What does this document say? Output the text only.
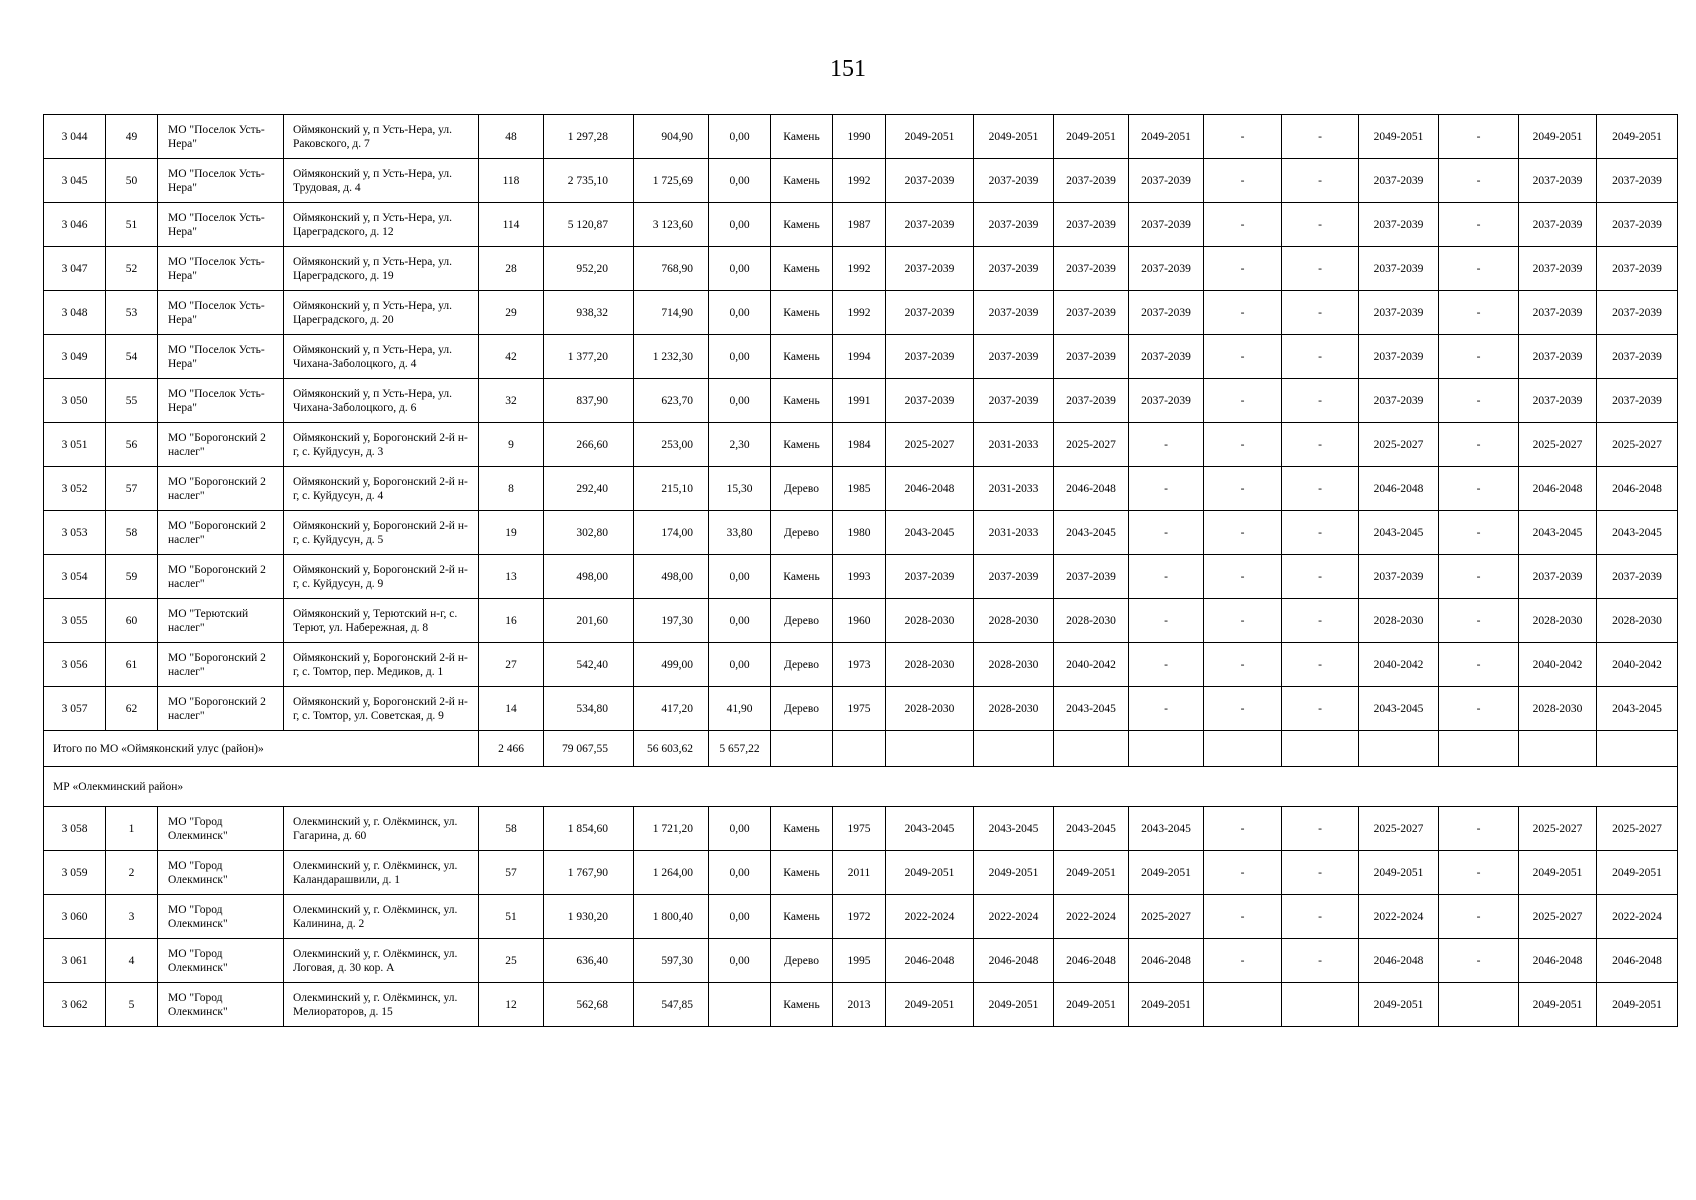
151
3 044	49	МО "Поселок Усть-Нера"	Оймяконский у, п Усть-Нера, ул. Раковского, д. 7	48	1 297,28	904,90	0,00	Камень	1990	2049-2051	2049-2051	2049-2051	2049-2051	-	-	2049-2051	-	2049-2051	2049-2051
3 045	50	МО "Поселок Усть-Нера"	Оймяконский у, п Усть-Нера, ул. Трудовая, д. 4	118	2 735,10	1 725,69	0,00	Камень	1992	2037-2039	2037-2039	2037-2039	2037-2039	-	-	2037-2039	-	2037-2039	2037-2039
3 046	51	МО "Поселок Усть-Нера"	Оймяконский у, п Усть-Нера, ул. Цареградского, д. 12	114	5 120,87	3 123,60	0,00	Камень	1987	2037-2039	2037-2039	2037-2039	2037-2039	-	-	2037-2039	-	2037-2039	2037-2039
3 047	52	МО "Поселок Усть-Нера"	Оймяконский у, п Усть-Нера, ул. Цареградского, д. 19	28	952,20	768,90	0,00	Камень	1992	2037-2039	2037-2039	2037-2039	2037-2039	-	-	2037-2039	-	2037-2039	2037-2039
3 048	53	МО "Поселок Усть-Нера"	Оймяконский у, п Усть-Нера, ул. Цареградского, д. 20	29	938,32	714,90	0,00	Камень	1992	2037-2039	2037-2039	2037-2039	2037-2039	-	-	2037-2039	-	2037-2039	2037-2039
3 049	54	МО "Поселок Усть-Нера"	Оймяконский у, п Усть-Нера, ул. Чихана-Заболоцкого, д. 4	42	1 377,20	1 232,30	0,00	Камень	1994	2037-2039	2037-2039	2037-2039	2037-2039	-	-	2037-2039	-	2037-2039	2037-2039
3 050	55	МО "Поселок Усть-Нера"	Оймяконский у, п Усть-Нера, ул. Чихана-Заболоцкого, д. 6	32	837,90	623,70	0,00	Камень	1991	2037-2039	2037-2039	2037-2039	2037-2039	-	-	2037-2039	-	2037-2039	2037-2039
3 051	56	МО "Борогонский 2 наслег"	Оймяконский у, Борогонский 2-й н-г, с. Куйдусун, д. 3	9	266,60	253,00	2,30	Камень	1984	2025-2027	2031-2033	2025-2027	-	-	-	2025-2027	-	2025-2027	2025-2027
3 052	57	МО "Борогонский 2 наслег"	Оймяконский у, Борогонский 2-й н-г, с. Куйдусун, д. 4	8	292,40	215,10	15,30	Дерево	1985	2046-2048	2031-2033	2046-2048	-	-	-	2046-2048	-	2046-2048	2046-2048
3 053	58	МО "Борогонский 2 наслег"	Оймяконский у, Борогонский 2-й н-г, с. Куйдусун, д. 5	19	302,80	174,00	33,80	Дерево	1980	2043-2045	2031-2033	2043-2045	-	-	-	2043-2045	-	2043-2045	2043-2045
3 054	59	МО "Борогонский 2 наслег"	Оймяконский у, Борогонский 2-й н-г, с. Куйдусун, д. 9	13	498,00	498,00	0,00	Камень	1993	2037-2039	2037-2039	2037-2039	-	-	-	2037-2039	-	2037-2039	2037-2039
3 055	60	МО "Терютский наслег"	Оймяконский у, Терютский н-г, с. Терют, ул. Набережная, д. 8	16	201,60	197,30	0,00	Дерево	1960	2028-2030	2028-2030	2028-2030	-	-	-	2028-2030	-	2028-2030	2028-2030
3 056	61	МО "Борогонский 2 наслег"	Оймяконский у, Борогонский 2-й н-г, с. Томтор, пер. Медиков, д. 1	27	542,40	499,00	0,00	Дерево	1973	2028-2030	2028-2030	2040-2042	-	-	-	2040-2042	-	2040-2042	2040-2042
3 057	62	МО "Борогонский 2 наслег"	Оймяконский у, Борогонский 2-й н-г, с. Томтор, ул. Советская, д. 9	14	534,80	417,20	41,90	Дерево	1975	2028-2030	2028-2030	2043-2045	-	-	-	2043-2045	-	2028-2030	2043-2045
Итого по МО «Оймяконский улус (район)»				2 466	79 067,55	56 603,62	5 657,22												
МР «Олекминский район»																			
3 058	1	МО "Город Олекминск"	Олекминский у, г. Олёкминск, ул. Гагарина, д. 60	58	1 854,60	1 721,20	0,00	Камень	1975	2043-2045	2043-2045	2043-2045	2043-2045	-	-	2025-2027	-	2025-2027	2025-2027
3 059	2	МО "Город Олекминск"	Олекминский у, г. Олёкминск, ул. Каландарашвили, д. 1	57	1 767,90	1 264,00	0,00	Камень	2011	2049-2051	2049-2051	2049-2051	2049-2051	-	-	2049-2051	-	2049-2051	2049-2051
3 060	3	МО "Город Олекминск"	Олекминский у, г. Олёкминск, ул. Калинина, д. 2	51	1 930,20	1 800,40	0,00	Камень	1972	2022-2024	2022-2024	2022-2024	2025-2027	-	-	2022-2024	-	2025-2027	2022-2024
3 061	4	МО "Город Олекминск"	Олекминский у, г. Олёкминск, ул. Логовая, д. 30 кор. А	25	636,40	597,30	0,00	Дерево	1995	2046-2048	2046-2048	2046-2048	2046-2048	-	-	2046-2048	-	2046-2048	2046-2048
3 062	5	МО "Город Олекминск"	Олекминский у, г. Олёкминск, ул. Мелиораторов, д. 15	12	562,68	547,85		Камень	2013	2049-2051	2049-2051	2049-2051	2049-2051			2049-2051		2049-2051	2049-2051
